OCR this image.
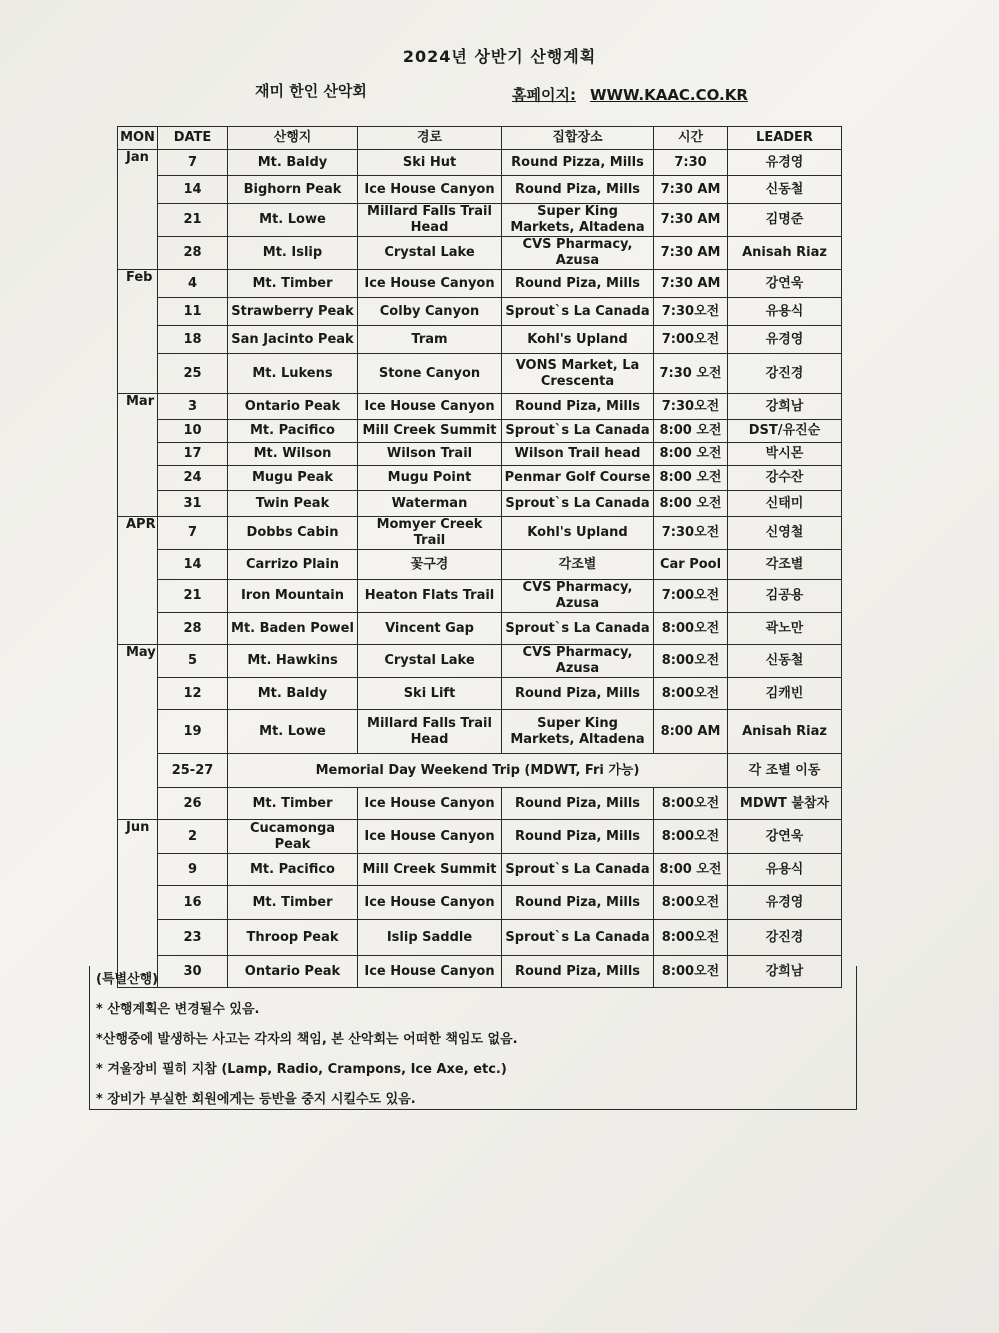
2024년 상반기 산행계획
재미 한인 산악회	홈페이지: WWW.KAAC.CO.KR
MON	DATE	산행지	경로	집합장소	시간	LEADER
Jan	7	Mt. Baldy	Ski Hut	Round Pizza, Mills	7:30	유경영
	14	Bighorn Peak	Ice House Canyon	Round Piza, Mills	7:30 AM	신동철
	21	Mt. Lowe	Millard Falls Trail Head	Super King Markets, Altadena	7:30 AM	김명준
	28	Mt. Islip	Crystal Lake	CVS Pharmacy, Azusa	7:30 AM	Anisah Riaz
Feb	4	Mt. Timber	Ice House Canyon	Round Piza, Mills	7:30 AM	강연욱
	11	Strawberry Peak	Colby Canyon	Sprout`s La Canada	7:30오전	유용식
	18	San Jacinto Peak	Tram	Kohl's Upland	7:00오전	유경영
	25	Mt. Lukens	Stone Canyon	VONS Market, La Crescenta	7:30 오전	강진경
Mar	3	Ontario Peak	Ice House Canyon	Round Piza, Mills	7:30오전	강희남
	10	Mt. Pacifico	Mill Creek Summit	Sprout`s La Canada	8:00 오전	DST/유진순
	17	Mt. Wilson	Wilson Trail	Wilson Trail head	8:00 오전	박시몬
	24	Mugu Peak	Mugu Point	Penmar Golf Course	8:00 오전	강수잔
	31	Twin Peak	Waterman	Sprout`s La Canada	8:00 오전	신태미
APR	7	Dobbs Cabin	Momyer Creek Trail	Kohl's Upland	7:30오전	신영철
	14	Carrizo Plain	꽃구경	각조별	Car Pool	각조별
	21	Iron Mountain	Heaton Flats Trail	CVS Pharmacy, Azusa	7:00오전	김공용
	28	Mt. Baden Powel	Vincent Gap	Sprout`s La Canada	8:00오전	곽노만
May	5	Mt. Hawkins	Crystal Lake	CVS Pharmacy, Azusa	8:00오전	신동철
	12	Mt. Baldy	Ski Lift	Round Piza, Mills	8:00오전	김캐빈
	19	Mt. Lowe	Millard Falls Trail Head	Super King Markets, Altadena	8:00 AM	Anisah Riaz
	25-27	Memorial Day Weekend Trip (MDWT, Fri 가능)				각 조별 이동
	26	Mt. Timber	Ice House Canyon	Round Piza, Mills	8:00오전	MDWT 불참자
Jun	2	Cucamonga Peak	Ice House Canyon	Round Piza, Mills	8:00오전	강연욱
	9	Mt. Pacifico	Mill Creek Summit	Sprout`s La Canada	8:00 오전	유용식
	16	Mt. Timber	Ice House Canyon	Round Piza, Mills	8:00오전	유경영
	23	Throop Peak	Islip Saddle	Sprout`s La Canada	8:00오전	강진경
	30	Ontario Peak	Ice House Canyon	Round Piza, Mills	8:00오전	강희남
(특별산행)
* 산행계획은 변경될수 있음.
*산행중에 발생하는 사고는 각자의 책임, 본 산악회는 어떠한 책임도 없음.
* 겨울장비 필히 지참 (Lamp, Radio, Crampons, Ice Axe, etc.)
* 장비가 부실한 회원에게는 등반을 중지 시킬수도 있음.
